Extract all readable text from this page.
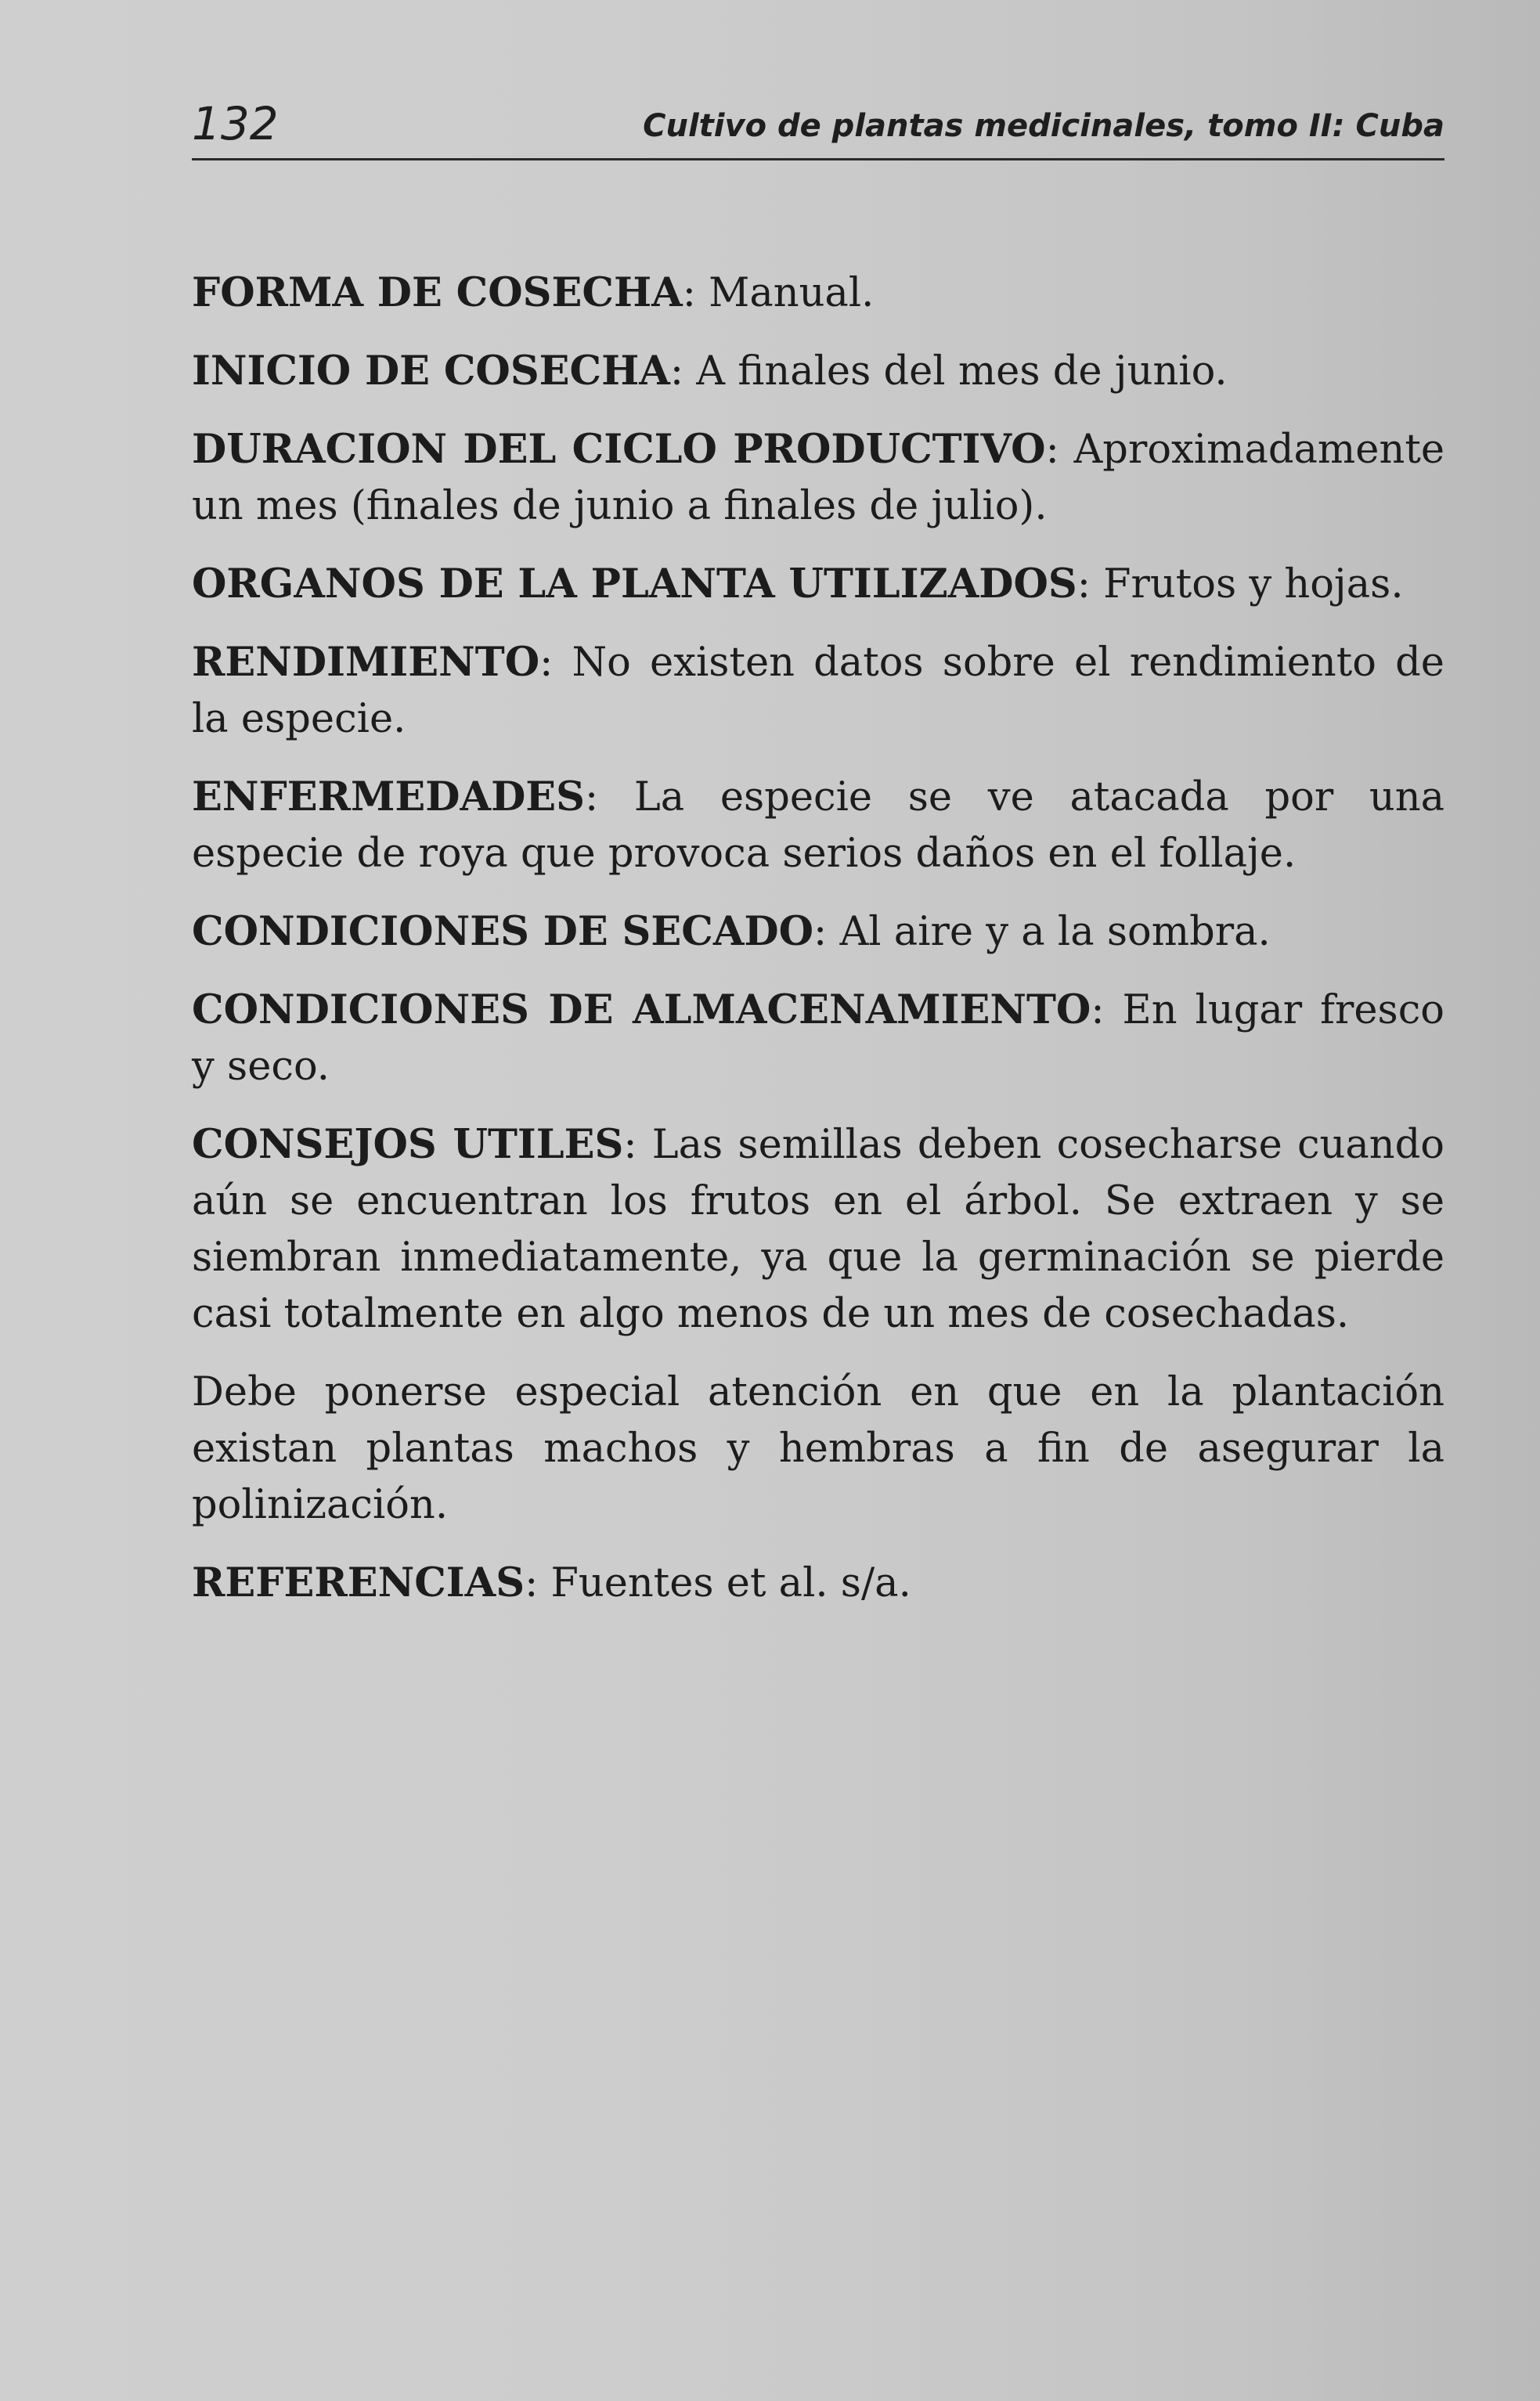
132	Cultivo de plantas medicinales, tomo II: Cuba

FORMA DE COSECHA: Manual.

INICIO DE COSECHA: A finales del mes de junio.

DURACION DEL CICLO PRODUCTIVO: Aproximadamente un mes (finales de junio a finales de julio).

ORGANOS DE LA PLANTA UTILIZADOS: Frutos y hojas.

RENDIMIENTO: No existen datos sobre el rendimiento de la especie.

ENFERMEDADES: La especie se ve atacada por una especie de roya que provoca serios daños en el follaje.

CONDICIONES DE SECADO: Al aire y a la sombra.

CONDICIONES DE ALMACENAMIENTO: En lugar fresco y seco.

CONSEJOS UTILES: Las semillas deben cosecharse cuando aún se encuentran los frutos en el árbol. Se extraen y se siembran inmediatamente, ya que la germinación se pierde casi totalmente en algo menos de un mes de cosechadas.

Debe ponerse especial atención en que en la plantación existan plantas machos y hembras a fin de asegurar la polinización.

REFERENCIAS: Fuentes et al. s/a.
